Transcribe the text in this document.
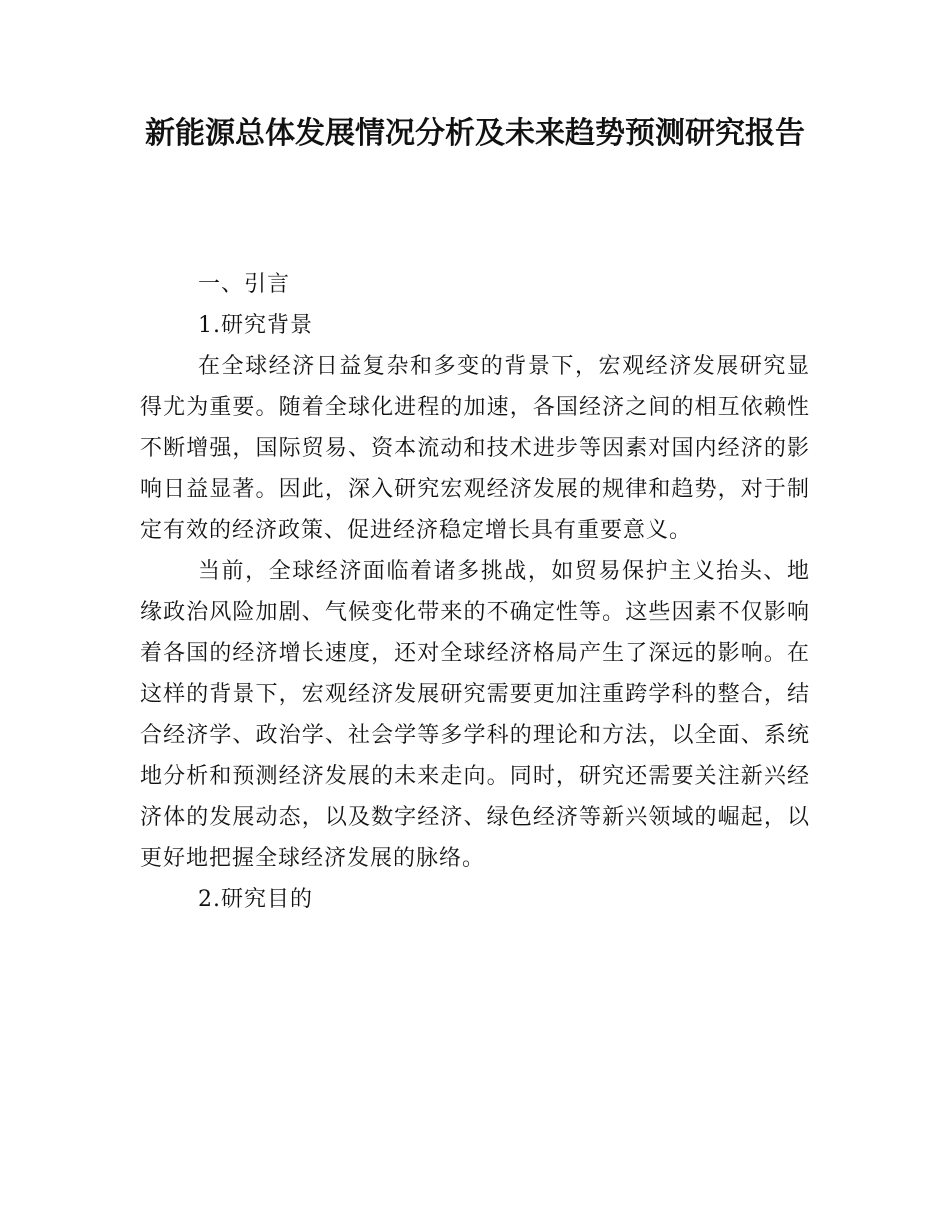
新能源总体发展情况分析及未来趋势预测研究报告

一、引言

1.研究背景

在全球经济日益复杂和多变的背景下，宏观经济发展研究显得尤为重要。随着全球化进程的加速，各国经济之间的相互依赖性不断增强，国际贸易、资本流动和技术进步等因素对国内经济的影响日益显著。因此，深入研究宏观经济发展的规律和趋势，对于制定有效的经济政策、促进经济稳定增长具有重要意义。

当前，全球经济面临着诸多挑战，如贸易保护主义抬头、地缘政治风险加剧、气候变化带来的不确定性等。这些因素不仅影响着各国的经济增长速度，还对全球经济格局产生了深远的影响。在这样的背景下，宏观经济发展研究需要更加注重跨学科的整合，结合经济学、政治学、社会学等多学科的理论和方法，以全面、系统地分析和预测经济发展的未来走向。同时，研究还需要关注新兴经济体的发展动态，以及数字经济、绿色经济等新兴领域的崛起，以更好地把握全球经济发展的脉络。

2.研究目的
